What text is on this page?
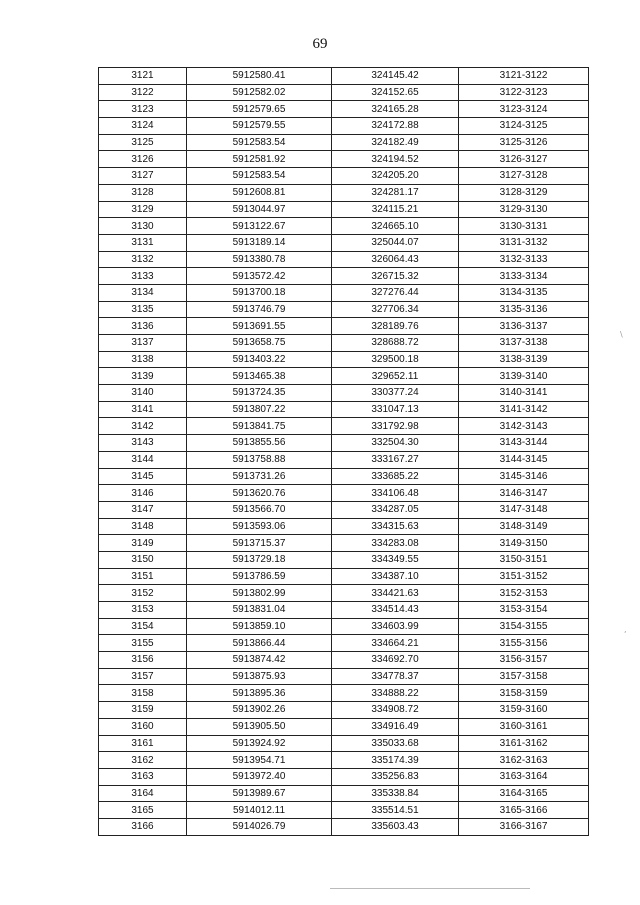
69
3121	5912580.41	324145.42	3121-3122
3122	5912582.02	324152.65	3122-3123
3123	5912579.65	324165.28	3123-3124
3124	5912579.55	324172.88	3124-3125
3125	5912583.54	324182.49	3125-3126
3126	5912581.92	324194.52	3126-3127
3127	5912583.54	324205.20	3127-3128
3128	5912608.81	324281.17	3128-3129
3129	5913044.97	324115.21	3129-3130
3130	5913122.67	324665.10	3130-3131
3131	5913189.14	325044.07	3131-3132
3132	5913380.78	326064.43	3132-3133
3133	5913572.42	326715.32	3133-3134
3134	5913700.18	327276.44	3134-3135
3135	5913746.79	327706.34	3135-3136
3136	5913691.55	328189.76	3136-3137
3137	5913658.75	328688.72	3137-3138
3138	5913403.22	329500.18	3138-3139
3139	5913465.38	329652.11	3139-3140
3140	5913724.35	330377.24	3140-3141
3141	5913807.22	331047.13	3141-3142
3142	5913841.75	331792.98	3142-3143
3143	5913855.56	332504.30	3143-3144
3144	5913758.88	333167.27	3144-3145
3145	5913731.26	333685.22	3145-3146
3146	5913620.76	334106.48	3146-3147
3147	5913566.70	334287.05	3147-3148
3148	5913593.06	334315.63	3148-3149
3149	5913715.37	334283.08	3149-3150
3150	5913729.18	334349.55	3150-3151
3151	5913786.59	334387.10	3151-3152
3152	5913802.99	334421.63	3152-3153
3153	5913831.04	334514.43	3153-3154
3154	5913859.10	334603.99	3154-3155
3155	5913866.44	334664.21	3155-3156
3156	5913874.42	334692.70	3156-3157
3157	5913875.93	334778.37	3157-3158
3158	5913895.36	334888.22	3158-3159
3159	5913902.26	334908.72	3159-3160
3160	5913905.50	334916.49	3160-3161
3161	5913924.92	335033.68	3161-3162
3162	5913954.71	335174.39	3162-3163
3163	5913972.40	335256.83	3163-3164
3164	5913989.67	335338.84	3164-3165
3165	5914012.11	335514.51	3165-3166
3166	5914026.79	335603.43	3166-3167
\
,
